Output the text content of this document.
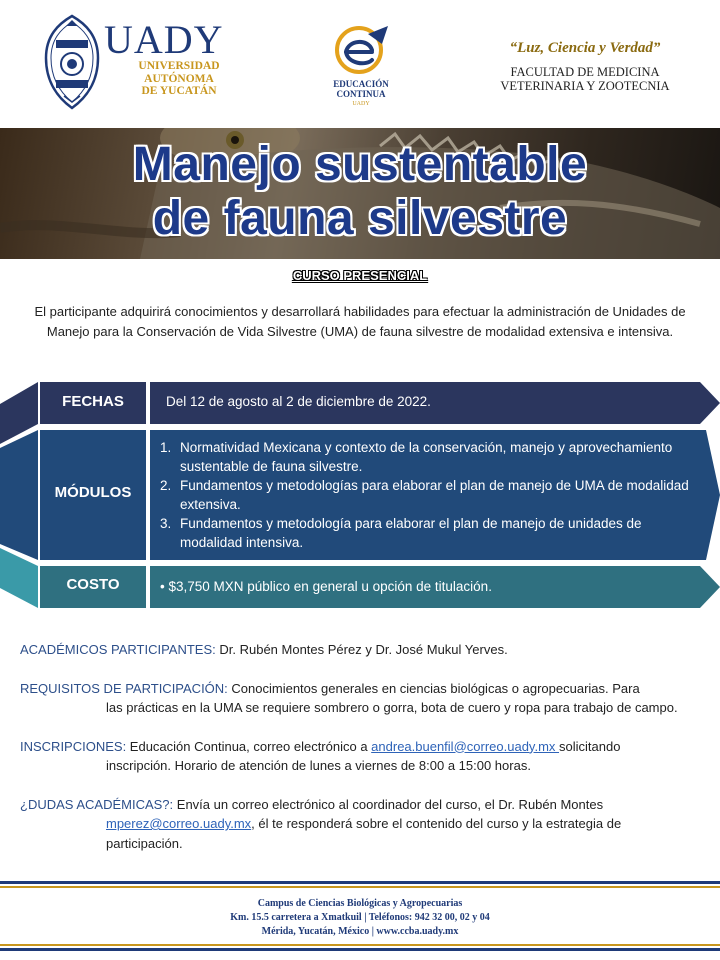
UADY
UNIVERSIDAD
AUTÓNOMA
DE YUCATÁN
EDUCACIÓN
CONTINUA
UADY
“Luz, Ciencia y Verdad”
FACULTAD DE MEDICINA
VETERINARIA Y ZOOTECNIA
Manejo sustentable
de fauna silvestre
CURSO PRESENCIAL
El participante adquirirá conocimientos y desarrollará habilidades para efectuar la administración de Unidades de Manejo para la Conservación de Vida Silvestre (UMA) de fauna silvestre de modalidad extensiva e intensiva.
FECHAS	Del 12 de agosto al 2 de diciembre de 2022.
MÓDULOS
1. Normatividad Mexicana y contexto de la conservación, manejo y aprovechamiento sustentable de fauna silvestre.
2. Fundamentos y metodologías para elaborar el plan de manejo de UMA de modalidad extensiva.
3. Fundamentos y metodología para elaborar el plan de manejo de unidades de modalidad intensiva.
COSTO	• $3,750 MXN público en general u opción de titulación.
ACADÉMICOS PARTICIPANTES: Dr. Rubén Montes Pérez y Dr. José Mukul Yerves.
REQUISITOS DE PARTICIPACIÓN: Conocimientos generales en ciencias biológicas o agropecuarias. Para
las prácticas en la UMA se requiere sombrero o gorra, bota de cuero y ropa para trabajo de campo.
INSCRIPCIONES: Educación Continua, correo electrónico a andrea.buenfil@correo.uady.mx solicitando
inscripción. Horario de atención de lunes a viernes de 8:00 a 15:00 horas.
¿DUDAS ACADÉMICAS?: Envía un correo electrónico al coordinador del curso, el Dr. Rubén Montes
mperez@correo.uady.mx, él te responderá sobre el contenido del curso y la estrategia de participación.
Campus de Ciencias Biológicas y Agropecuarias
Km. 15.5 carretera a Xmatkuil | Teléfonos: 942 32 00, 02 y 04
Mérida, Yucatán, México | www.ccba.uady.mx
